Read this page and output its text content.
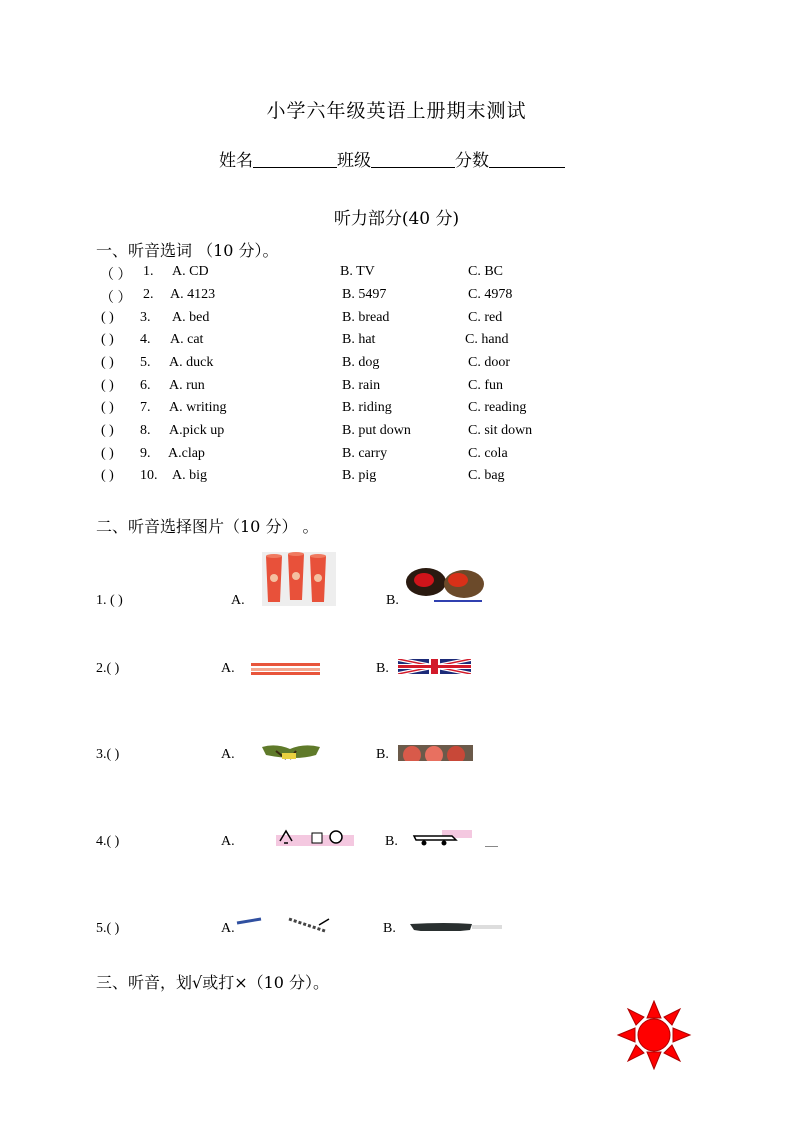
小学六年级英语上册期末测试
姓名	班级	分数
听力部分(40 分)
一、听音选词 （10 分）。
（ ） 1. A. CD	B. TV	C. BC
（ ） 2. A. 4123	B. 5497	C. 4978
( ) 3. A. bed	B. bread	C. red
( ) 4. A. cat	B. hat	C. hand
( ) 5. A. duck	B. dog	C. door
( ) 6. A. run	B. rain	C. fun
( ) 7. A. writing	B. riding	C. reading
( ) 8. A.pick up	B. put down	C. sit down
( ) 9. A.clap	B. carry	C. cola
( ) 10. A. big	B. pig	C. bag
二、听音选择图片（10 分） 。
1. ( )	A.	B.
2.( )	A.	B.
3.( )	A.	B.
4.( )	A.	B.
5.( )	A.	B.
三、听音，划√或打×（10 分）。
